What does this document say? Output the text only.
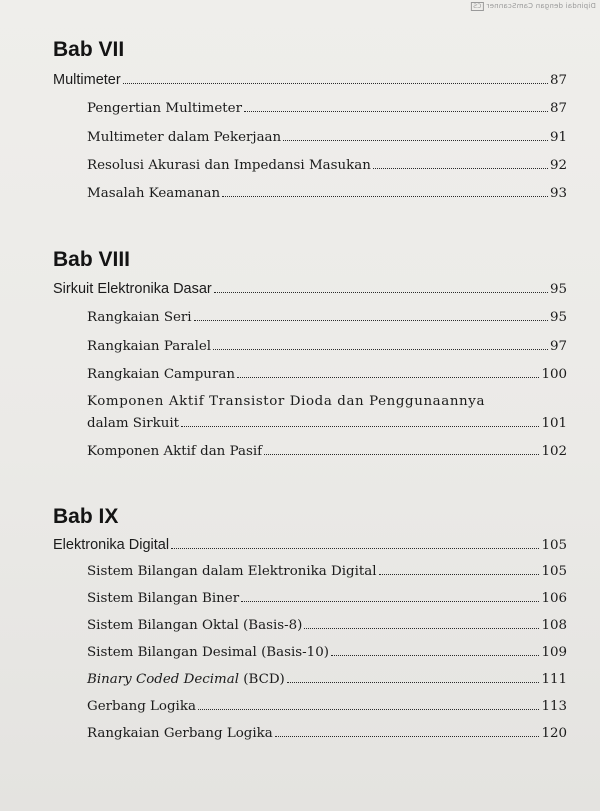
Dipindai dengan CamScannerCS
Bab VII
Multimeter	87
Pengertian Multimeter	87
Multimeter dalam Pekerjaan	91
Resolusi Akurasi dan Impedansi Masukan	92
Masalah Keamanan	93
Bab VIII
Sirkuit Elektronika Dasar	95
Rangkaian Seri	95
Rangkaian Paralel	97
Rangkaian Campuran	100
Komponen Aktif Transistor Dioda dan Penggunaannya
dalam Sirkuit	101
Komponen Aktif dan Pasif	102
Bab IX
Elektronika Digital	105
Sistem Bilangan dalam Elektronika Digital	105
Sistem Bilangan Biner	106
Sistem Bilangan Oktal (Basis-8)	108
Sistem Bilangan Desimal (Basis-10)	109
Binary Coded Decimal (BCD)	111
Gerbang Logika	113
Rangkaian Gerbang Logika	120
